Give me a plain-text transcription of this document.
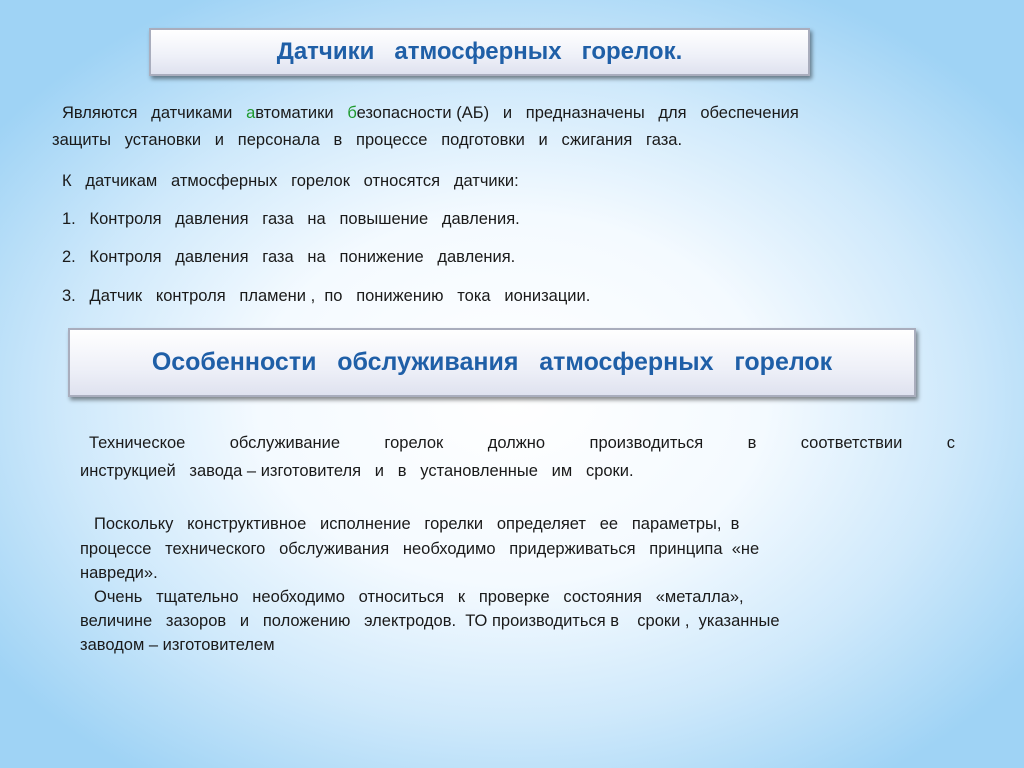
Датчики   атмосферных   горелок.

Являются   датчиками   автоматики   безопасности (АБ)   и   предназначены   для   обеспечения

защиты   установки   и   персонала   в   процессе   подготовки   и   сжигания   газа.

К   датчикам   атмосферных   горелок   относятся   датчики:

1.   Контроля   давления   газа   на   повышение   давления.

2.   Контроля   давления   газа   на   понижение   давления.

3.   Датчик   контроля   пламени ,  по   понижению   тока   ионизации.

Особенности   обслуживания   атмосферных   горелок

Техническое обслуживание горелок должно производиться в соответствии с

инструкцией   завода – изготовителя   и   в   установленные   им   сроки.

Поскольку   конструктивное   исполнение   горелки   определяет   ее   параметры,  в

процессе   технического   обслуживания   необходимо   придерживаться   принципа  «не

навреди».

Очень   тщательно   необходимо   относиться   к   проверке   состояния   «металла»,

величине   зазоров   и   положению   электродов.  ТО производиться в    сроки ,  указанные

заводом – изготовителем
